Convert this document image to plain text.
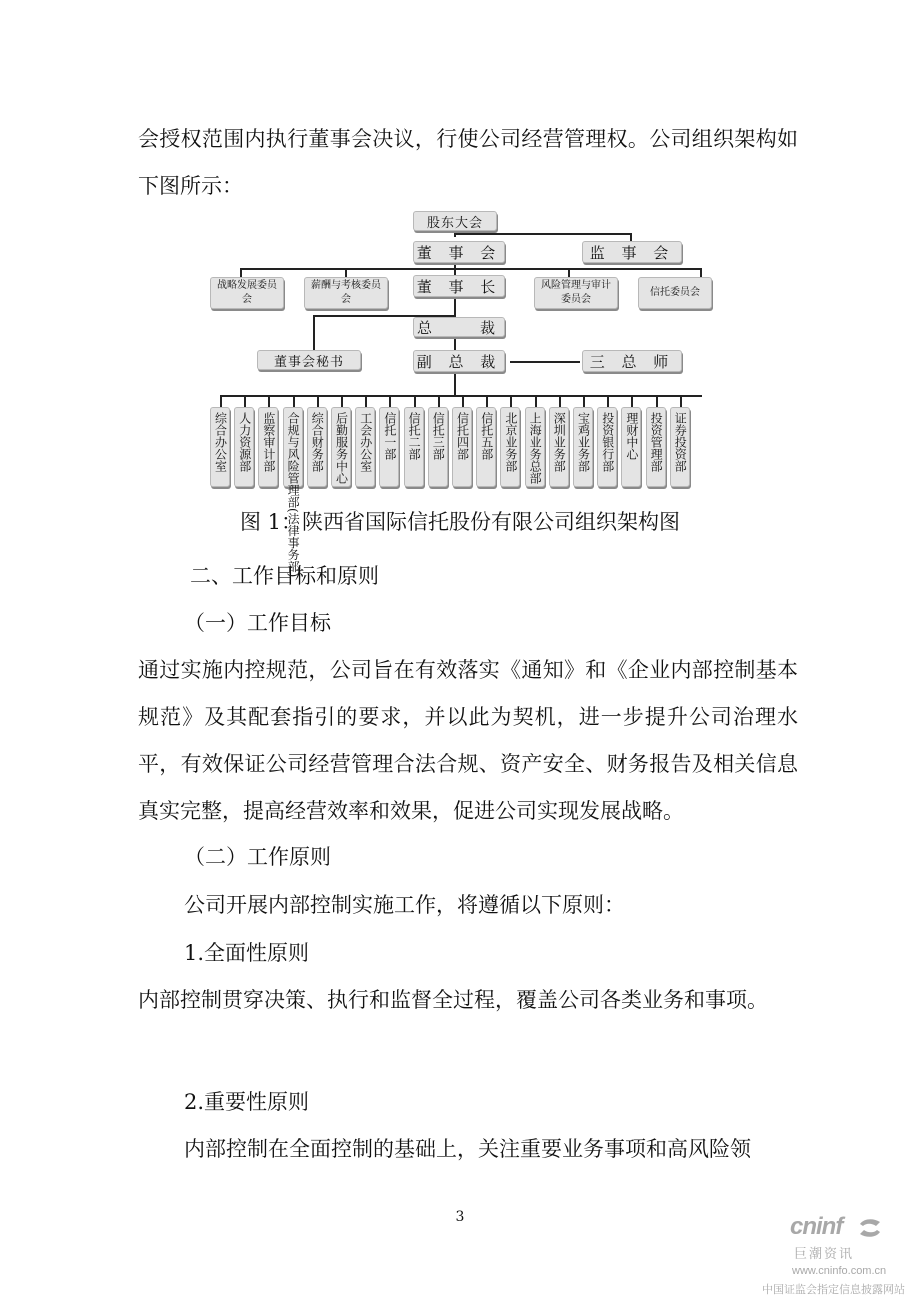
会授权范围内执行董事会决议，行使公司经营管理权。公司组织架构如下图所示：

股东大会
董 事 会	监 事 会
战略发展委员会
薪酬与考核委员会
董 事 长	风险管理与审计委员会
信托委员会
总　　裁
董事会秘书	副 总 裁	三 总 师
综合办公室 人力资源部 监察审计部 合规与风险管理部(法律事务部) 综合财务部 后勤服务中心 工会办公室 信托一部 信托二部 信托三部 信托四部 信托五部 北京业务部 上海业务总部 深圳业务部 宝鸡业务部 投资银行部 理财中心 投资管理部 证券投资部
图 1：陕西省国际信托股份有限公司组织架构图
二、工作目标和原则
（一）工作目标

通过实施内控规范，公司旨在有效落实《通知》和《企业内部控制基本规范》及其配套指引的要求，并以此为契机，进一步提升公司治理水平，有效保证公司经营管理合法合规、资产安全、财务报告及相关信息真实完整，提高经营效率和效果，促进公司实现发展战略。

（二）工作原则
公司开展内部控制实施工作，将遵循以下原则：
1.全面性原则

内部控制贯穿决策、执行和监督全过程，覆盖公司各类业务和事项。

2.重要性原则
内部控制在全面控制的基础上，关注重要业务事项和高风险领
3	cninf
巨潮资讯
www.cninfo.com.cn
中国证监会指定信息披露网站
